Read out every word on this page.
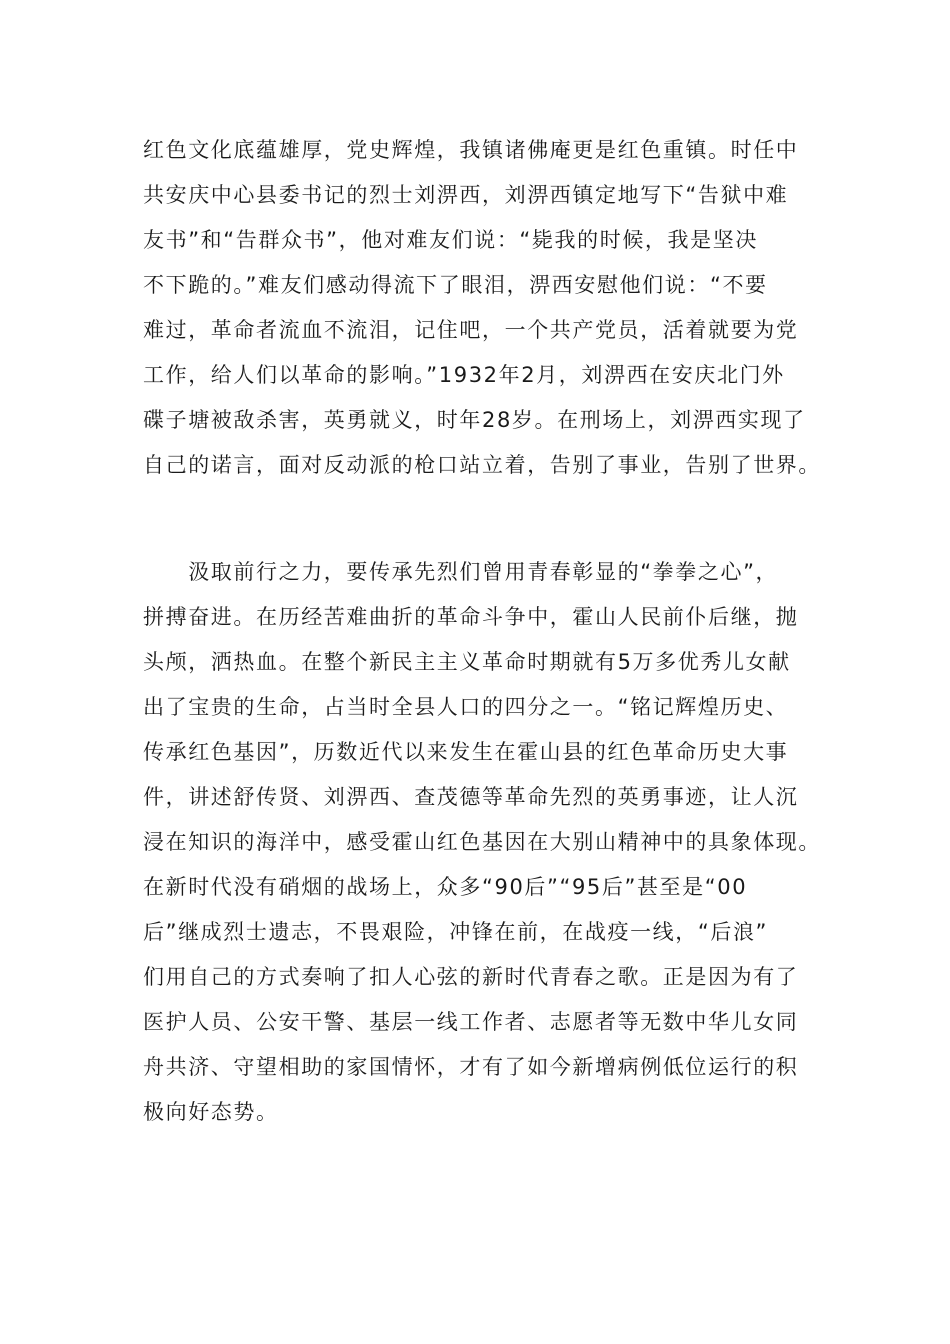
红色文化底蕴雄厚，党史辉煌，我镇诸佛庵更是红色重镇。时任中
共安庆中心县委书记的烈士刘淠西，刘淠西镇定地写下“告狱中难
友书”和“告群众书”，他对难友们说：“毙我的时候，我是坚决
不下跪的。”难友们感动得流下了眼泪，淠西安慰他们说：“不要
难过，革命者流血不流泪，记住吧，一个共产党员，活着就要为党
工作，给人们以革命的影响。”1932年2月，刘淠西在安庆北门外
碟子塘被敌杀害，英勇就义，时年28岁。在刑场上，刘淠西实现了
自己的诺言，面对反动派的枪口站立着，告别了事业，告别了世界。
　　汲取前行之力，要传承先烈们曾用青春彰显的“拳拳之心”，
拼搏奋进。在历经苦难曲折的革命斗争中，霍山人民前仆后继，抛
头颅，洒热血。在整个新民主主义革命时期就有5万多优秀儿女献
出了宝贵的生命，占当时全县人口的四分之一。“铭记辉煌历史、
传承红色基因”，历数近代以来发生在霍山县的红色革命历史大事
件，讲述舒传贤、刘淠西、查茂德等革命先烈的英勇事迹，让人沉
浸在知识的海洋中，感受霍山红色基因在大别山精神中的具象体现。
在新时代没有硝烟的战场上，众多“90后”“95后”甚至是“00
后”继成烈士遗志，不畏艰险，冲锋在前，在战疫一线，“后浪”
们用自己的方式奏响了扣人心弦的新时代青春之歌。正是因为有了
医护人员、公安干警、基层一线工作者、志愿者等无数中华儿女同
舟共济、守望相助的家国情怀，才有了如今新增病例低位运行的积
极向好态势。
